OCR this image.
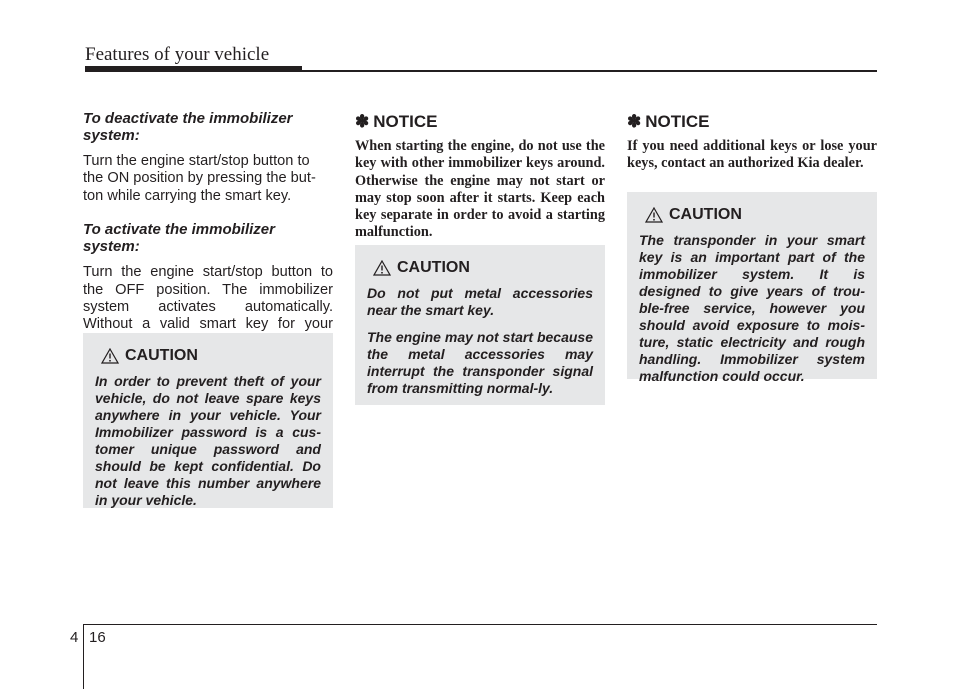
Features of your vehicle

To deactivate the immobilizer system:

Turn the engine start/stop button to the ON position by pressing the but-ton while carrying the smart key.

To activate the immobilizer system:

Turn the engine start/stop button to the OFF position. The immobilizer system activates automatically. Without a valid smart key for your

CAUTION

In order to prevent theft of your vehicle, do not leave spare keys anywhere in your vehicle. Your Immobilizer password is a cus-tomer unique password and should be kept confidential. Do not leave this number anywhere in your vehicle.

✽ NOTICE

When starting the engine, do not use the key with other immobilizer keys around. Otherwise the engine may not start or may stop soon after it starts. Keep each key separate in order to avoid a starting malfunction.

CAUTION

Do not put metal accessories near the smart key.

The engine may not start because the metal accessories may interrupt the transponder signal from transmitting normal-ly.

✽ NOTICE

If you need additional keys or lose your keys, contact an authorized Kia dealer.

CAUTION

The transponder in your smart key is an important part of the immobilizer system. It is designed to give years of trou-ble-free service, however you should avoid exposure to mois-ture, static electricity and rough handling. Immobilizer system malfunction could occur.

4 16
